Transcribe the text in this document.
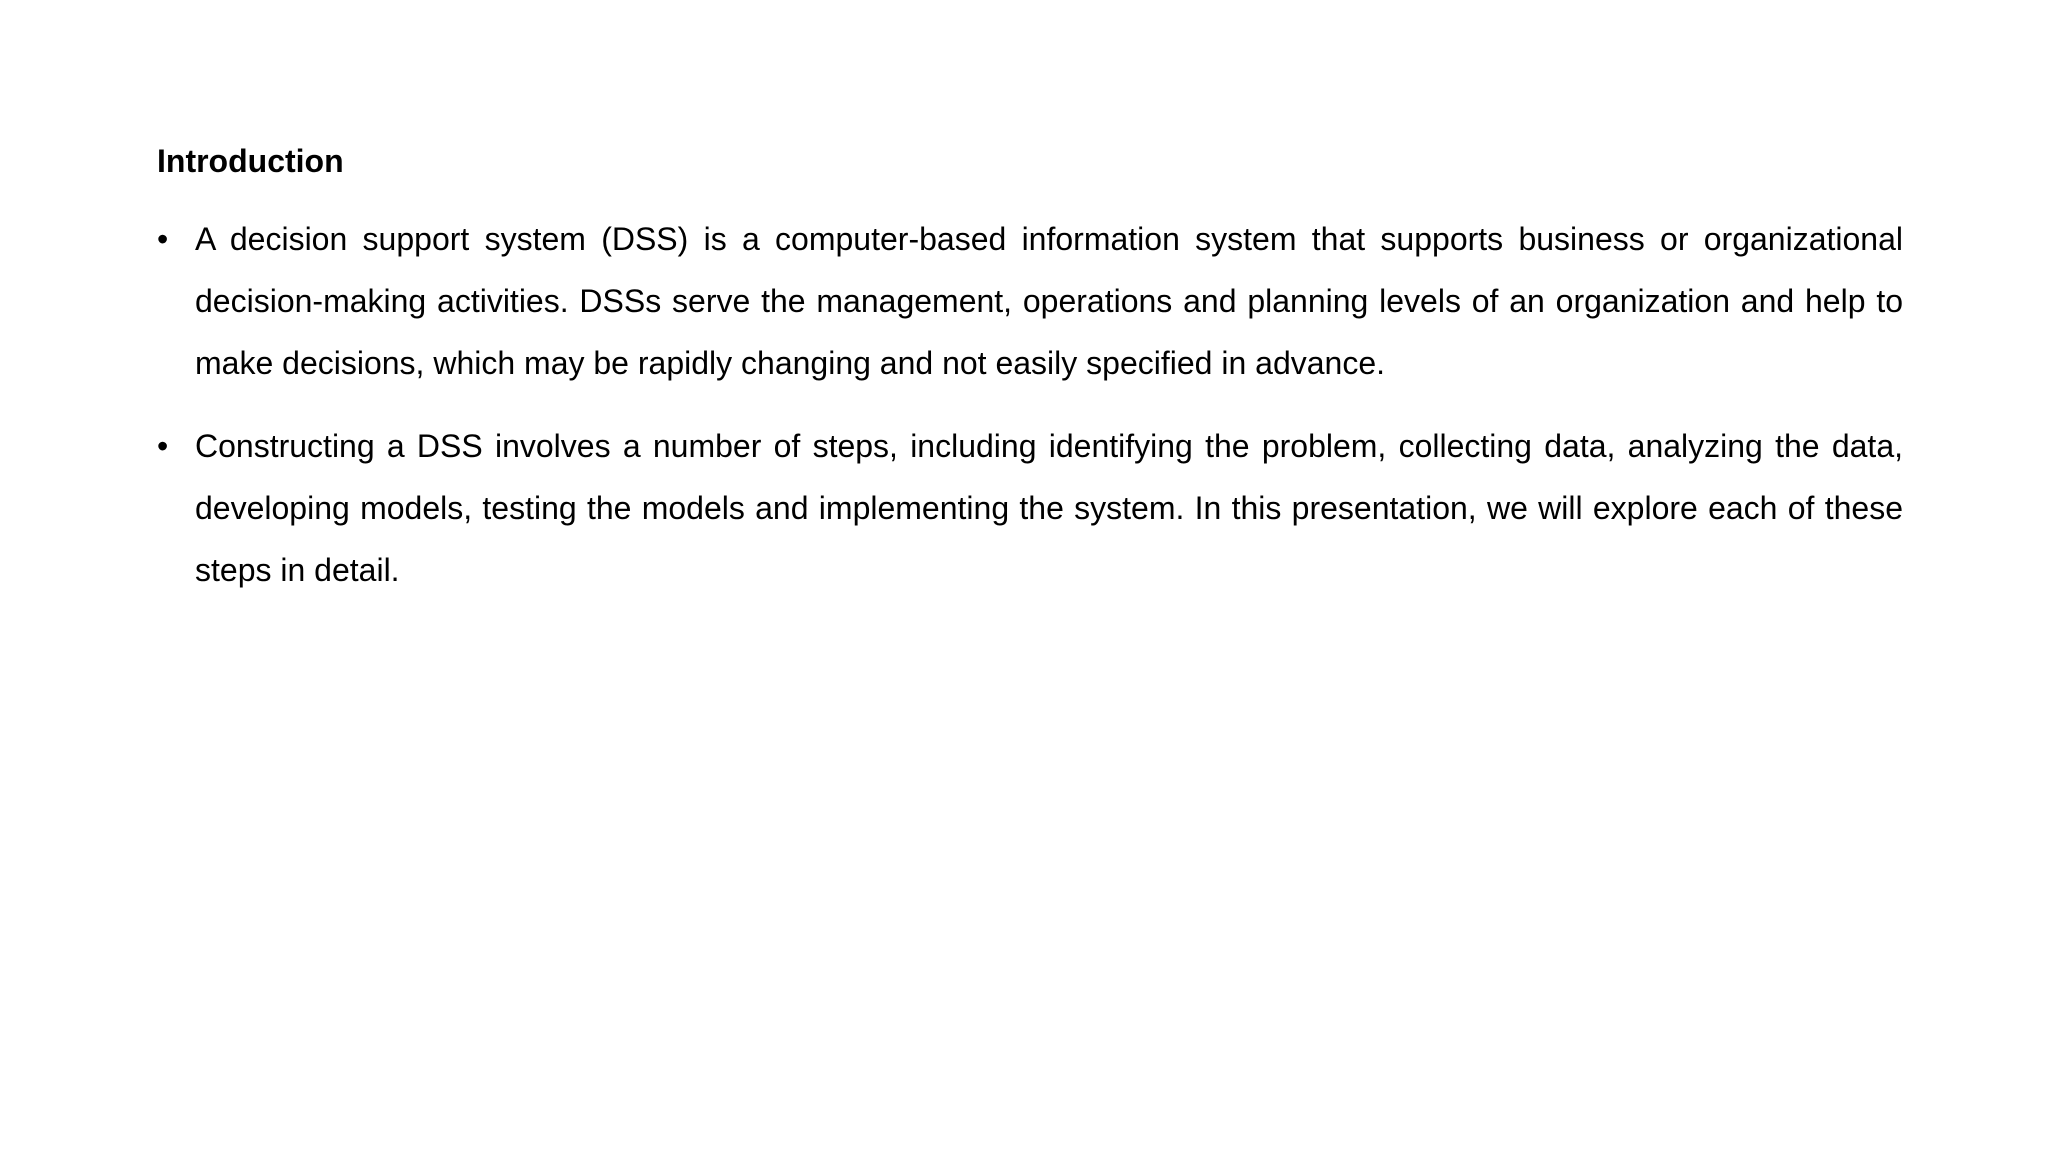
Introduction
• A decision support system (DSS) is a computer-based information system that supports business or organizational decision-making activities. DSSs serve the management, operations and planning levels of an organization and help to make decisions, which may be rapidly changing and not easily specified in advance.
• Constructing a DSS involves a number of steps, including identifying the problem, collecting data, analyzing the data, developing models, testing the models and implementing the system. In this presentation, we will explore each of these steps in detail.
